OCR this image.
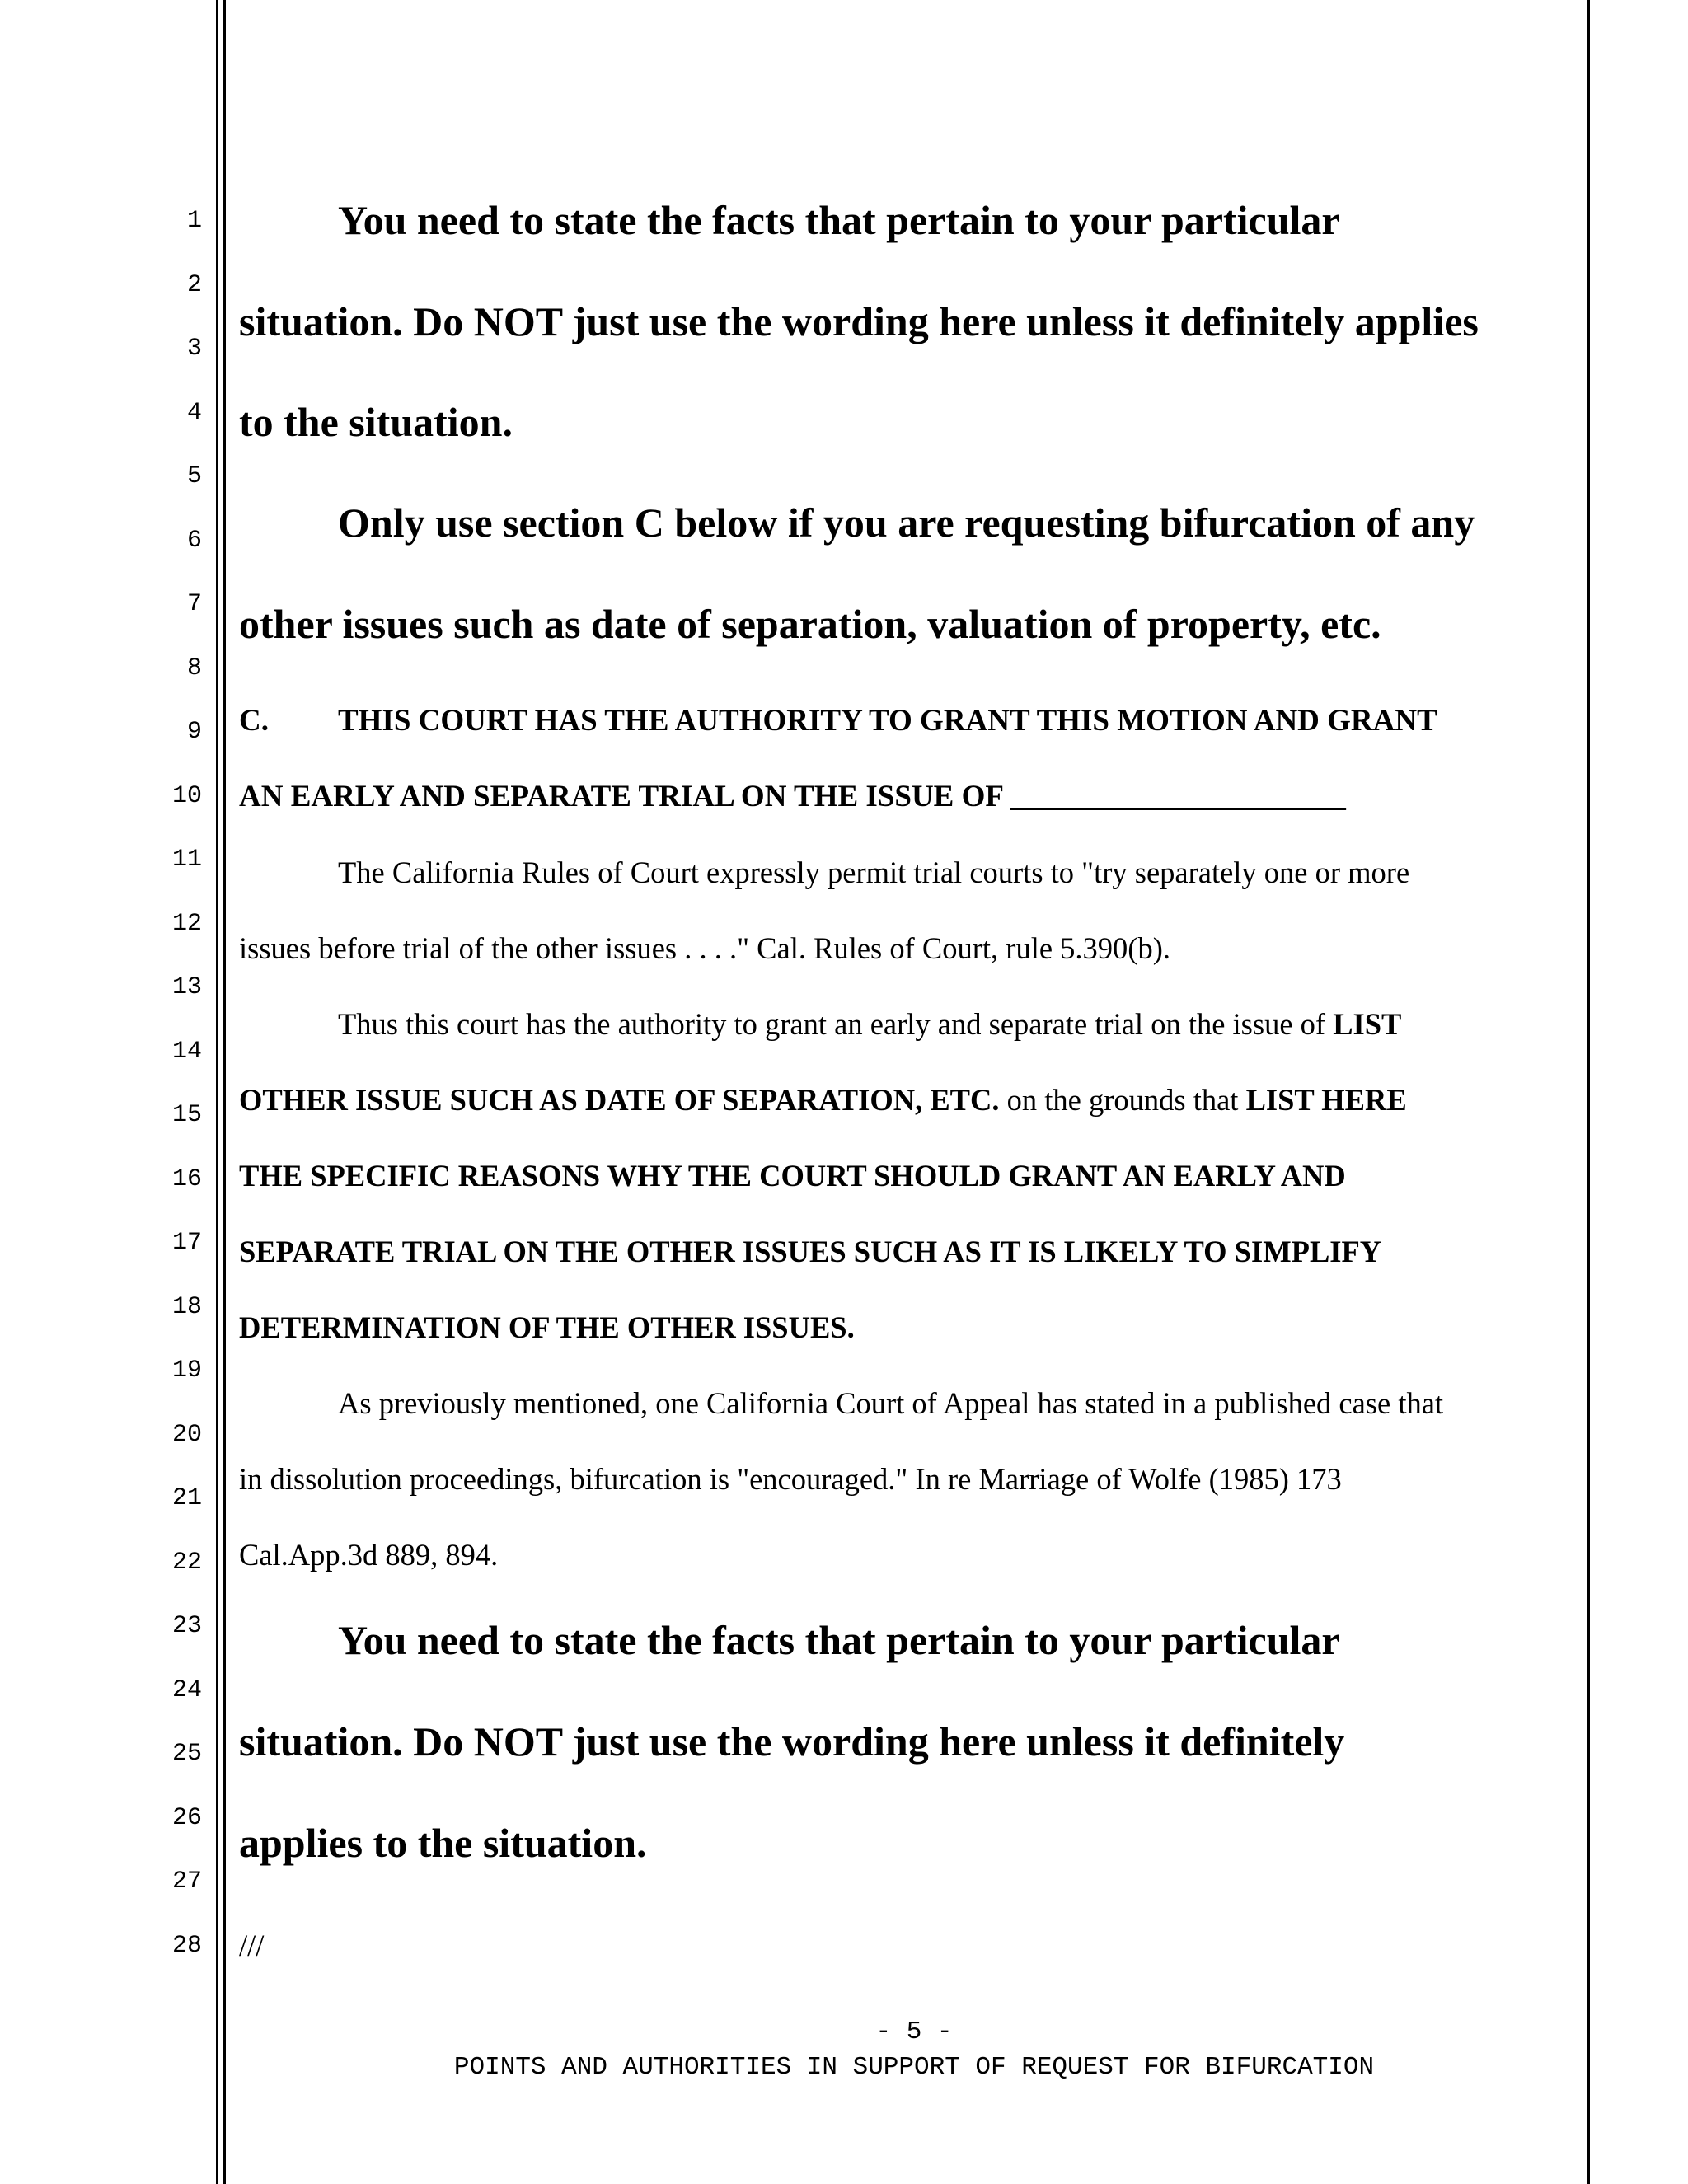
1
2
3
4
5
6
7
8
9
10
11
12
13
14
15
16
17
18
19
20
21
22
23
24
25
26
27
28
You need to state the facts that pertain to your particular
situation. Do NOT just use the wording here unless it definitely applies
to the situation.
Only use section C below if you are requesting bifurcation of any
other issues such as date of separation, valuation of property, etc.
C. THIS COURT HAS THE AUTHORITY TO GRANT THIS MOTION AND GRANT
AN EARLY AND SEPARATE TRIAL ON THE ISSUE OF ______________________
The California Rules of Court expressly permit trial courts to "try separately one or more
issues before trial of the other issues . . . ." Cal. Rules of Court, rule 5.390(b).
Thus this court has the authority to grant an early and separate trial on the issue of LIST
OTHER ISSUE SUCH AS DATE OF SEPARATION, ETC. on the grounds that LIST HERE
THE SPECIFIC REASONS WHY THE COURT SHOULD GRANT AN EARLY AND
SEPARATE TRIAL ON THE OTHER ISSUES SUCH AS IT IS LIKELY TO SIMPLIFY
DETERMINATION OF THE OTHER ISSUES.
As previously mentioned, one California Court of Appeal has stated in a published case that
in dissolution proceedings, bifurcation is "encouraged." In re Marriage of Wolfe (1985) 173
Cal.App.3d 889, 894.
You need to state the facts that pertain to your particular
situation. Do NOT just use the wording here unless it definitely
applies to the situation.
///
- 5 -
POINTS AND AUTHORITIES IN SUPPORT OF REQUEST FOR BIFURCATION
